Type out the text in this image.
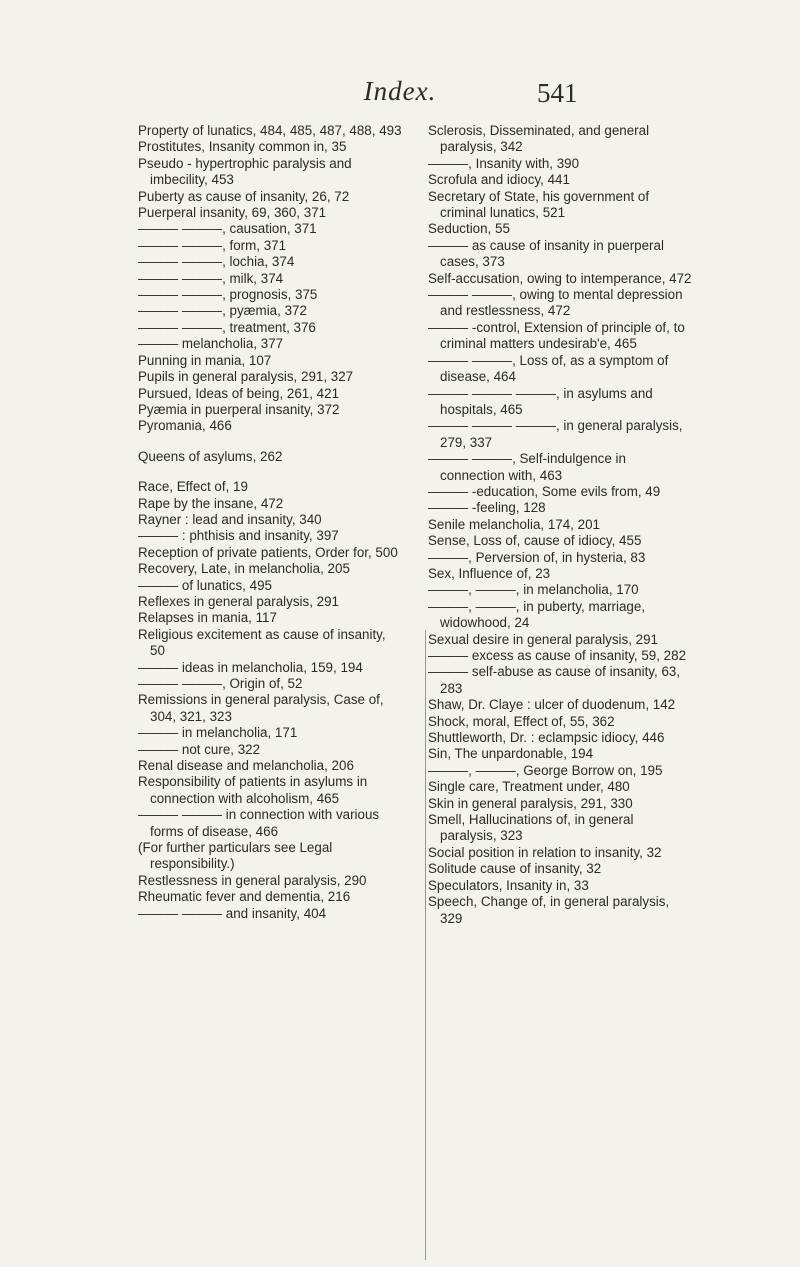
Index.	541

Property of lunatics, 484, 485, 487, 488, 493

Prostitutes, Insanity common in, 35

Pseudo - hypertrophic paralysis and imbecility, 453

Puberty as cause of insanity, 26, 72

Puerperal insanity, 69, 360, 371

——— ———, causation, 371

——— ———, form, 371

——— ———, lochia, 374

——— ———, milk, 374

——— ———, prognosis, 375

——— ———, pyæmia, 372

——— ———, treatment, 376

——— melancholia, 377

Punning in mania, 107

Pupils in general paralysis, 291, 327

Pursued, Ideas of being, 261, 421

Pyæmia in puerperal insanity, 372

Pyromania, 466

Queens of asylums, 262

Race, Effect of, 19

Rape by the insane, 472

Rayner : lead and insanity, 340

——— : phthisis and insanity, 397

Reception of private patients, Order for, 500

Recovery, Late, in melancholia, 205

——— of lunatics, 495

Reflexes in general paralysis, 291

Relapses in mania, 117

Religious excitement as cause of insanity, 50

——— ideas in melancholia, 159, 194

——— ———, Origin of, 52

Remissions in general paralysis, Case of, 304, 321, 323

——— in melancholia, 171

——— not cure, 322

Renal disease and melancholia, 206

Responsibility of patients in asylums in connection with alcoholism, 465

——— ——— in connection with various forms of disease, 466

(For further particulars see Legal responsibility.)

Restlessness in general paralysis, 290

Rheumatic fever and dementia, 216

——— ——— and insanity, 404

Sclerosis, Disseminated, and general paralysis, 342

———, Insanity with, 390

Scrofula and idiocy, 441

Secretary of State, his government of criminal lunatics, 521

Seduction, 55

——— as cause of insanity in puerperal cases, 373

Self-accusation, owing to intemperance, 472

——— ———, owing to mental depression and restlessness, 472

——— -control, Extension of principle of, to criminal matters undesirab'e, 465

——— ———, Loss of, as a symptom of disease, 464

——— ——— ———, in asylums and hospitals, 465

——— ——— ———, in general paralysis, 279, 337

——— ———, Self-indulgence in connection with, 463

——— -education, Some evils from, 49

——— -feeling, 128

Senile melancholia, 174, 201

Sense, Loss of, cause of idiocy, 455

———, Perversion of, in hysteria, 83

Sex, Influence of, 23

———, ———, in melancholia, 170

———, ———, in puberty, marriage, widowhood, 24

Sexual desire in general paralysis, 291

——— excess as cause of insanity, 59, 282

——— self-abuse as cause of insanity, 63, 283

Shaw, Dr. Claye : ulcer of duodenum, 142

Shock, moral, Effect of, 55, 362

Shuttleworth, Dr. : eclampsic idiocy, 446

Sin, The unpardonable, 194

———, ———, George Borrow on, 195

Single care, Treatment under, 480

Skin in general paralysis, 291, 330

Smell, Hallucinations of, in general paralysis, 323

Social position in relation to insanity, 32

Solitude cause of insanity, 32

Speculators, Insanity in, 33

Speech, Change of, in general paralysis, 329
